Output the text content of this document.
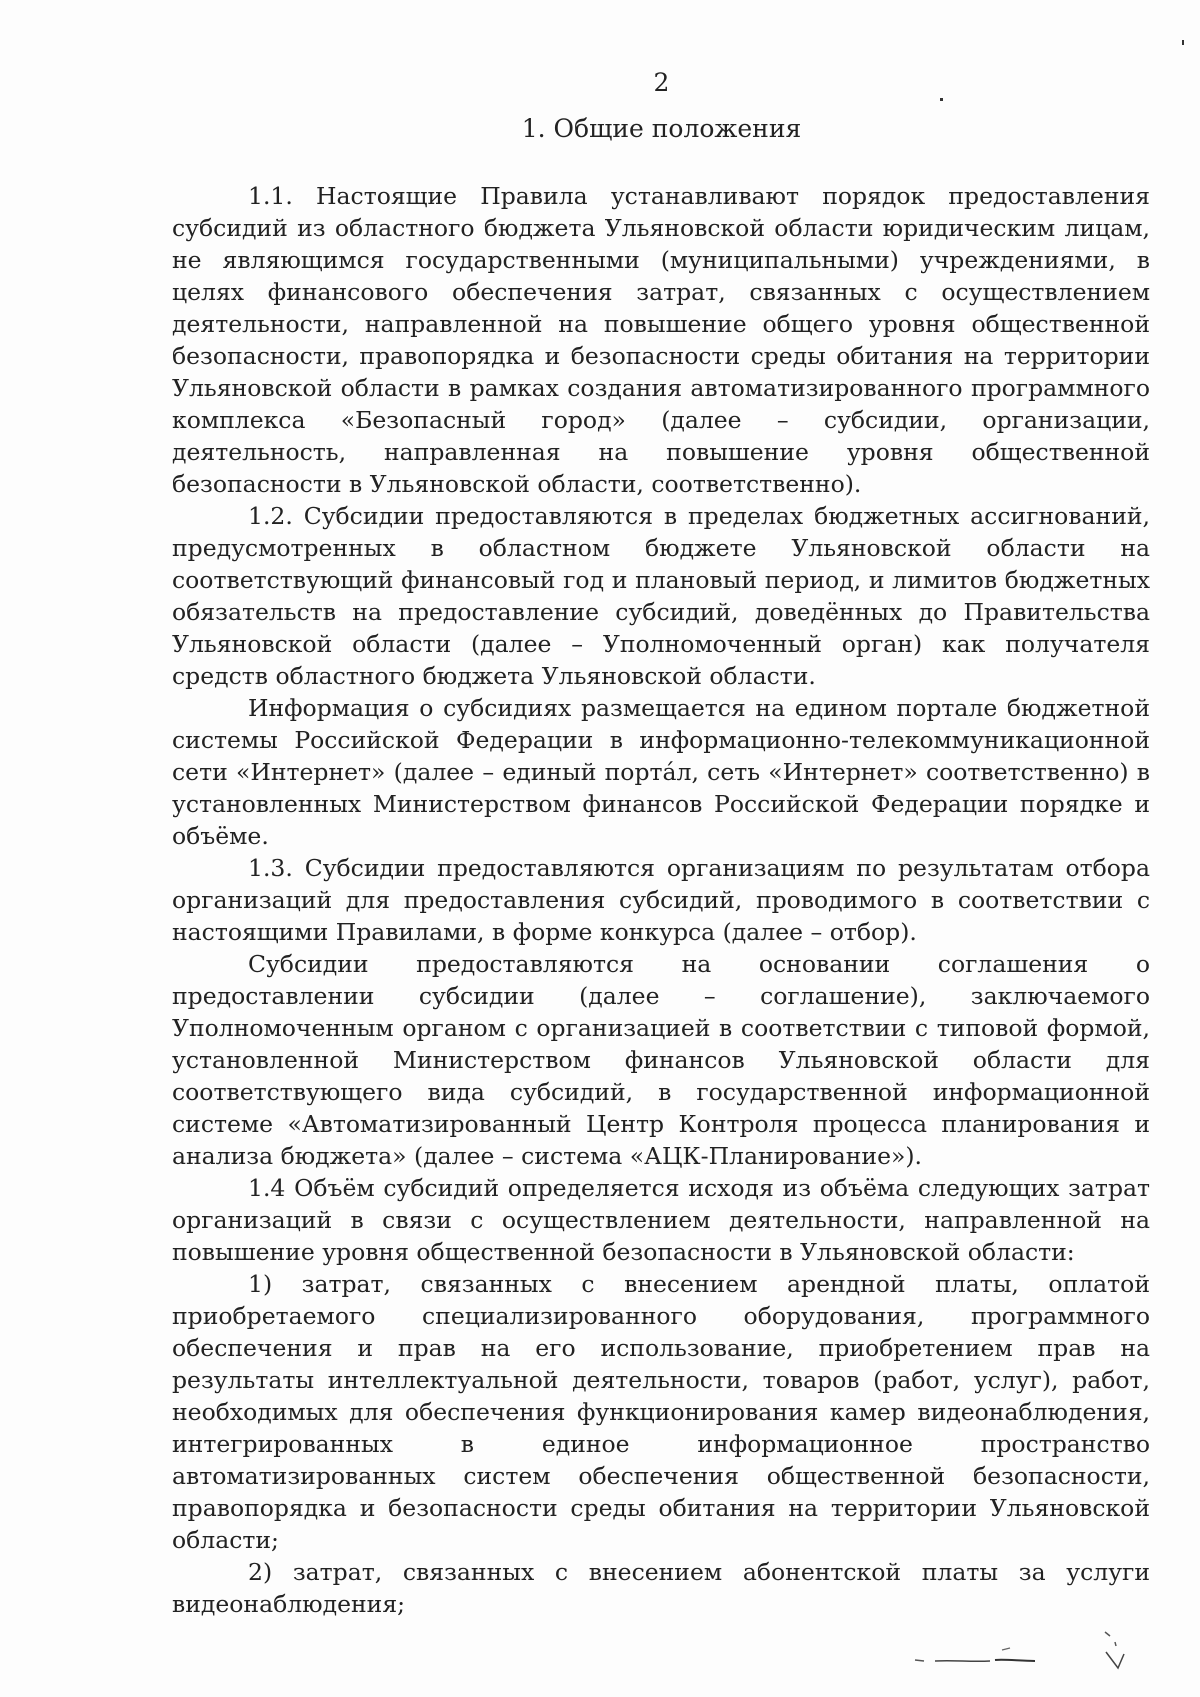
2
1. Общие положения

1.1. Настоящие Правила устанавливают порядок предоставления субсидий из областного бюджета Ульяновской области юридическим лицам, не являющимся государственными (муниципальными) учреждениями, в целях финансового обеспечения затрат, связанных с осуществлением деятельности, направленной на повышение общего уровня общественной безопасности, правопорядка и безопасности среды обитания на территории Ульяновской области в рамках создания автоматизированного программного комплекса «Безопасный город» (далее – субсидии, организации, деятельность, направленная на повышение уровня общественной безопасности в Ульяновской области, соответственно).

1.2. Субсидии предоставляются в пределах бюджетных ассигнований, предусмотренных в областном бюджете Ульяновской области на соответствующий финансовый год и плановый период, и лимитов бюджетных обязательств на предоставление субсидий, доведённых до Правительства Ульяновской области (далее – Уполномоченный орган) как получателя средств областного бюджета Ульяновской области.

Информация о субсидиях размещается на едином портале бюджетной системы Российской Федерации в информационно-телекоммуникационной сети «Интернет» (далее – единый портáл, сеть «Интернет» соответственно) в установленных Министерством финансов Российской Федерации порядке и объёме.

1.3. Субсидии предоставляются организациям по результатам отбора организаций для предоставления субсидий, проводимого в соответствии с настоящими Правилами, в форме конкурса (далее – отбор).

Субсидии предоставляются на основании соглашения о предоставлении субсидии (далее – соглашение), заключаемого Уполномоченным органом с организацией в соответствии с типовой формой, установленной Министерством финансов Ульяновской области для соответствующего вида субсидий, в государственной информационной системе «Автоматизированный Центр Контроля процесса планирования и анализа бюджета» (далее – система «АЦК-Планирование»).

1.4 Объём субсидий определяется исходя из объёма следующих затрат организаций в связи с осуществлением деятельности, направленной на повышение уровня общественной безопасности в Ульяновской области:

1) затрат, связанных с внесением арендной платы, оплатой приобретаемого специализированного оборудования, программного обеспечения и прав на его использование, приобретением прав на результаты интеллектуальной деятельности, товаров (работ, услуг), работ, необходимых для обеспечения функционирования камер видеонаблюдения, интегрированных в единое информационное пространство автоматизированных систем обеспечения общественной безопасности, правопорядка и безопасности среды обитания на территории Ульяновской области;

2) затрат, связанных с внесением абонентской платы за услуги видеонаблюдения;
